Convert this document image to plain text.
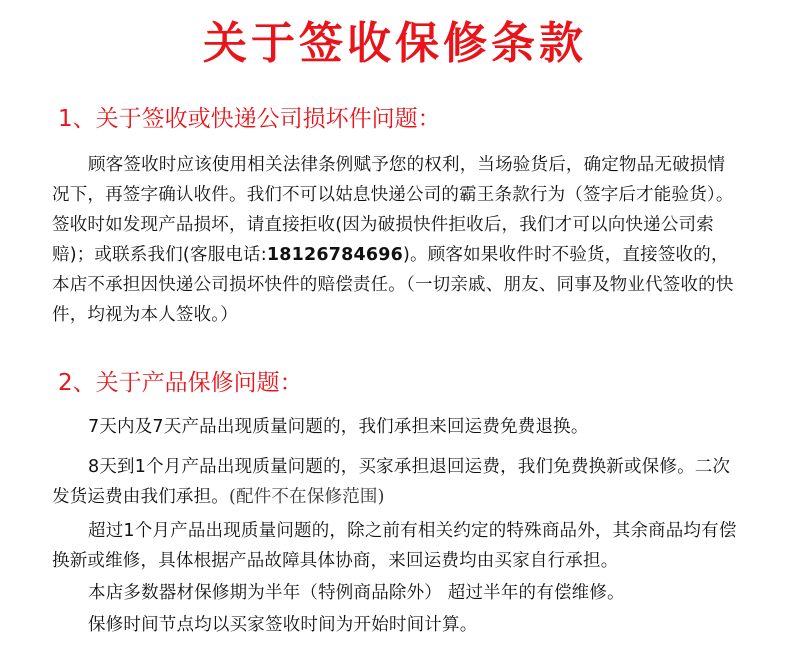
关于签收保修条款
1、关于签收或快递公司损坏件问题：
顾客签收时应该使用相关法律条例赋予您的权利，当场验货后，确定物品无破损情况下，再签字确认收件。我们不可以姑息快递公司的霸王条款行为（签字后才能验货）。签收时如发现产品损坏，请直接拒收(因为破损快件拒收后，我们才可以向快递公司索赔)；或联系我们(客服电话:18126784696)。顾客如果收件时不验货，直接签收的，本店不承担因快递公司损坏快件的赔偿责任。（一切亲戚、朋友、同事及物业代签收的快件，均视为本人签收。）
2、关于产品保修问题：
7天内及7天产品出现质量问题的，我们承担来回运费免费退换。
8天到1个月产品出现质量问题的，买家承担退回运费，我们免费换新或保修。二次发货运费由我们承担。(配件不在保修范围)
超过1个月产品出现质量问题的，除之前有相关约定的特殊商品外，其余商品均有偿换新或维修，具体根据产品故障具体协商，来回运费均由买家自行承担。
本店多数器材保修期为半年（特例商品除外） 超过半年的有偿维修。
保修时间节点均以买家签收时间为开始时间计算。
